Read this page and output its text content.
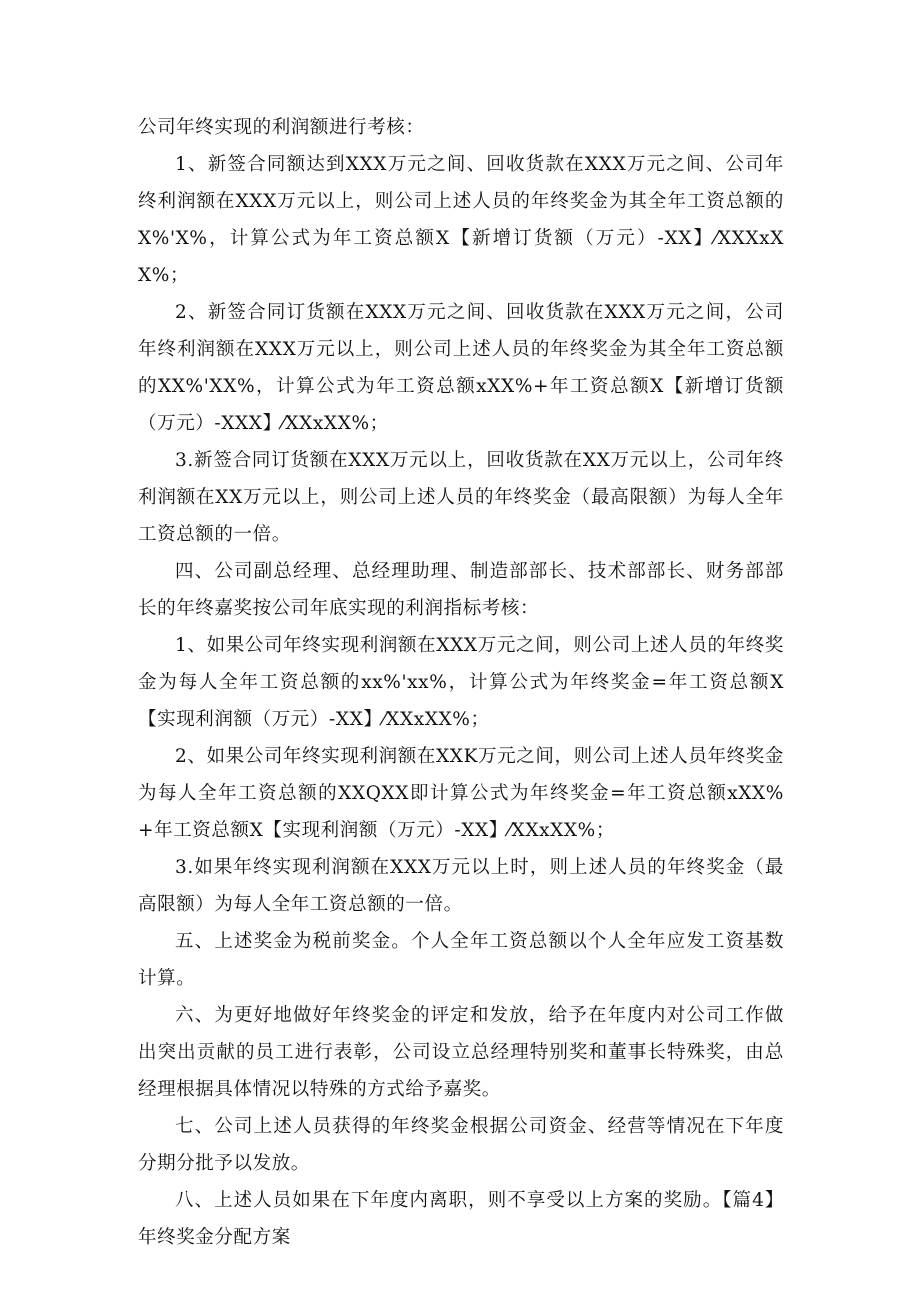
公司年终实现的利润额进行考核：

1、新签合同额达到XXX万元之间、回收货款在XXX万元之间、公司年终利润额在XXX万元以上，则公司上述人员的年终奖金为其全年工资总额的X%'X%，计算公式为年工资总额X【新增订货额（万元）-XX】⁄XXXxXX%；

2、新签合同订货额在XXX万元之间、回收货款在XXX万元之间，公司年终利润额在XXX万元以上，则公司上述人员的年终奖金为其全年工资总额的XX%'XX%，计算公式为年工资总额xXX%+年工资总额X【新增订货额（万元）-XXX】⁄XXxXX%；

3.新签合同订货额在XXX万元以上，回收货款在XX万元以上，公司年终利润额在XX万元以上，则公司上述人员的年终奖金（最高限额）为每人全年工资总额的一倍。

四、公司副总经理、总经理助理、制造部部长、技术部部长、财务部部长的年终嘉奖按公司年底实现的利润指标考核：

1、如果公司年终实现利润额在XXX万元之间，则公司上述人员的年终奖金为每人全年工资总额的xx%'xx%，计算公式为年终奖金=年工资总额X【实现利润额（万元）-XX】⁄XXxXX%；

2、如果公司年终实现利润额在XXK万元之间，则公司上述人员年终奖金为每人全年工资总额的XXQXX即计算公式为年终奖金=年工资总额xXX%+年工资总额X【实现利润额（万元）-XX】⁄XXxXX%；

3.如果年终实现利润额在XXX万元以上时，则上述人员的年终奖金（最高限额）为每人全年工资总额的一倍。

五、上述奖金为税前奖金。个人全年工资总额以个人全年应发工资基数计算。

六、为更好地做好年终奖金的评定和发放，给予在年度内对公司工作做出突出贡献的员工进行表彰，公司设立总经理特别奖和董事长特殊奖，由总经理根据具体情况以特殊的方式给予嘉奖。

七、公司上述人员获得的年终奖金根据公司资金、经营等情况在下年度分期分批予以发放。

八、上述人员如果在下年度内离职，则不享受以上方案的奖励。【篇4】年终奖金分配方案
